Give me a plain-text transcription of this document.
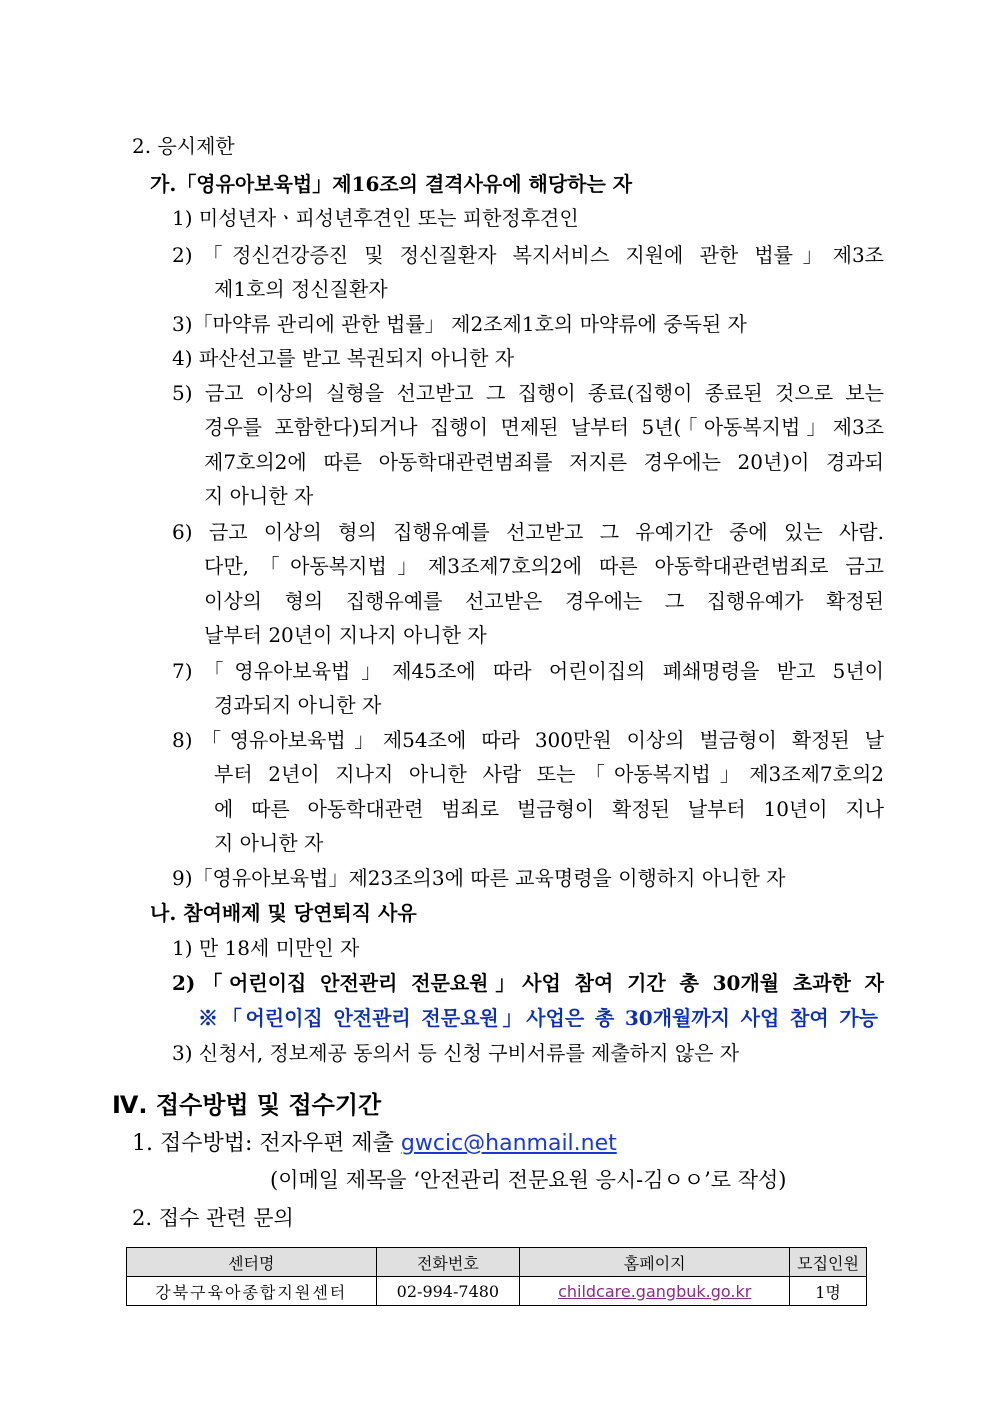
2. 응시제한
가.「영유아보육법」제16조의 결격사유에 해당하는 자
1) 미성년자ㆍ피성년후견인 또는 피한정후견인
2)「정신건강증진 및 정신질환자 복지서비스 지원에 관한 법률」제3조
제1호의 정신질환자
3)「마약류 관리에 관한 법률」 제2조제1호의 마약류에 중독된 자
4) 파산선고를 받고 복권되지 아니한 자
5) 금고 이상의 실형을 선고받고 그 집행이 종료(집행이 종료된 것으로 보는
경우를 포함한다)되거나 집행이 면제된 날부터 5년(「아동복지법」제3조
제7호의2에 따른 아동학대관련범죄를 저지른 경우에는 20년)이 경과되
지 아니한 자
6) 금고 이상의 형의 집행유예를 선고받고 그 유예기간 중에 있는 사람.
다만,「아동복지법」제3조제7호의2에 따른 아동학대관련범죄로 금고
이상의 형의 집행유예를 선고받은 경우에는 그 집행유예가 확정된
날부터 20년이 지나지 아니한 자
7)「영유아보육법」제45조에 따라 어린이집의 폐쇄명령을 받고 5년이
경과되지 아니한 자
8)「영유아보육법」제54조에 따라 300만원 이상의 벌금형이 확정된 날
부터 2년이 지나지 아니한 사람 또는「아동복지법」제3조제7호의2
에 따른 아동학대관련 범죄로 벌금형이 확정된 날부터 10년이 지나
지 아니한 자
9)「영유아보육법」제23조의3에 따른 교육명령을 이행하지 아니한 자
나. 참여배제 및 당연퇴직 사유
1) 만 18세 미만인 자
2)「어린이집 안전관리 전문요원」사업 참여 기간 총 30개월 초과한 자
※「어린이집 안전관리 전문요원」사업은 총 30개월까지 사업 참여 가능
3) 신청서, 정보제공 동의서 등 신청 구비서류를 제출하지 않은 자
Ⅳ. 접수방법 및 접수기간
1. 접수방법: 전자우편 제출 gwcic@hanmail.net
(이메일 제목을 ‘안전관리 전문요원 응시-김ㅇㅇ’로 작성)
2. 접수 관련 문의
센터명	전화번호	홈페이지	모집인원
강북구육아종합지원센터	02-994-7480	childcare.gangbuk.go.kr	1명
